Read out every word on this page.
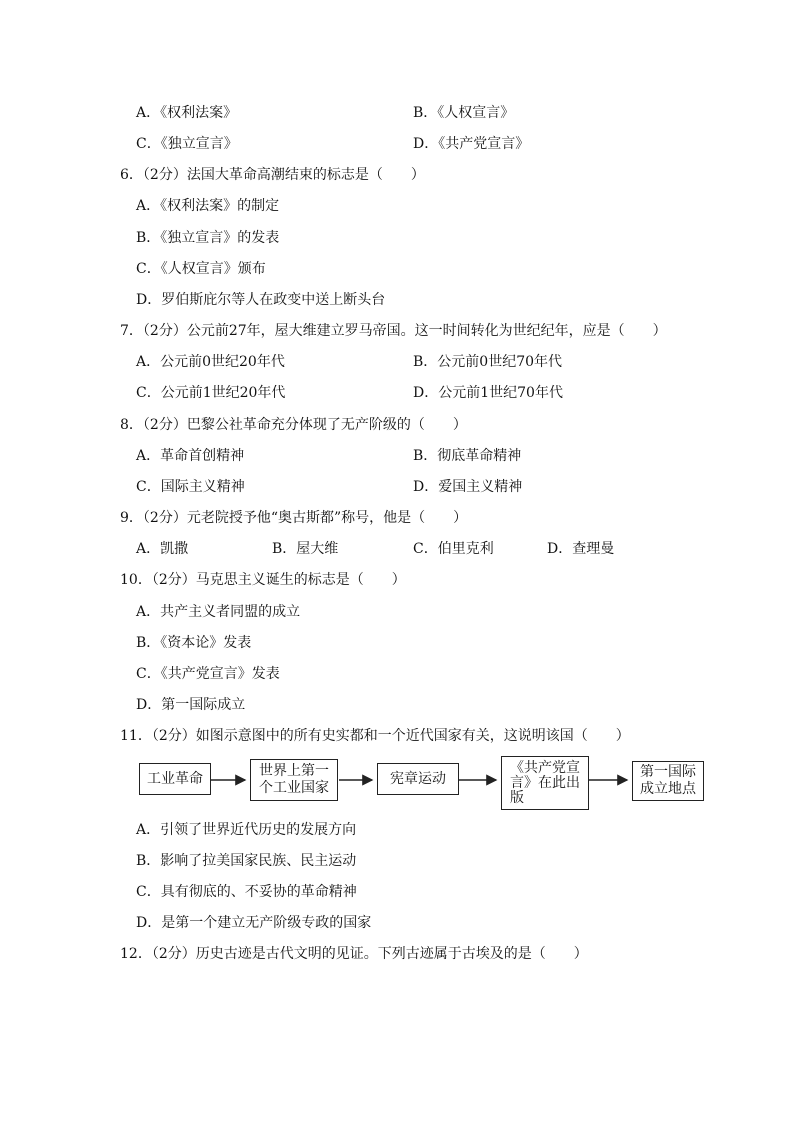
A．《权利法案》	B．《人权宣言》
C．《独立宣言》	D．《共产党宣言》
6．（2分）法国大革命高潮结束的标志是（　　）
A．《权利法案》的制定
B．《独立宣言》的发表
C．《人权宣言》颁布
D．罗伯斯庇尔等人在政变中送上断头台
7．（2分）公元前27年，屋大维建立罗马帝国。这一时间转化为世纪纪年，应是（　　）
A．公元前0世纪20年代	B．公元前0世纪70年代
C．公元前1世纪20年代	D．公元前1世纪70年代
8．（2分）巴黎公社革命充分体现了无产阶级的（　　）
A．革命首创精神	B．彻底革命精神
C．国际主义精神	D．爱国主义精神
9．（2分）元老院授予他“奥古斯都”称号，他是（　　）
A．凯撒	B．屋大维	C．伯里克利	D．查理曼
10．（2分）马克思主义诞生的标志是（　　）
A．共产主义者同盟的成立
B．《资本论》发表
C．《共产党宣言》发表
D．第一国际成立
11．（2分）如图示意图中的所有史实都和一个近代国家有关，这说明该国（　　）
工业革命	世界上第一
个工业国家
宪章运动
《共产党宣
言》在此出
版
第一国际
成立地点
A．引领了世界近代历史的发展方向
B．影响了拉美国家民族、民主运动
C．具有彻底的、不妥协的革命精神
D．是第一个建立无产阶级专政的国家
12．（2分）历史古迹是古代文明的见证。下列古迹属于古埃及的是（　　）
